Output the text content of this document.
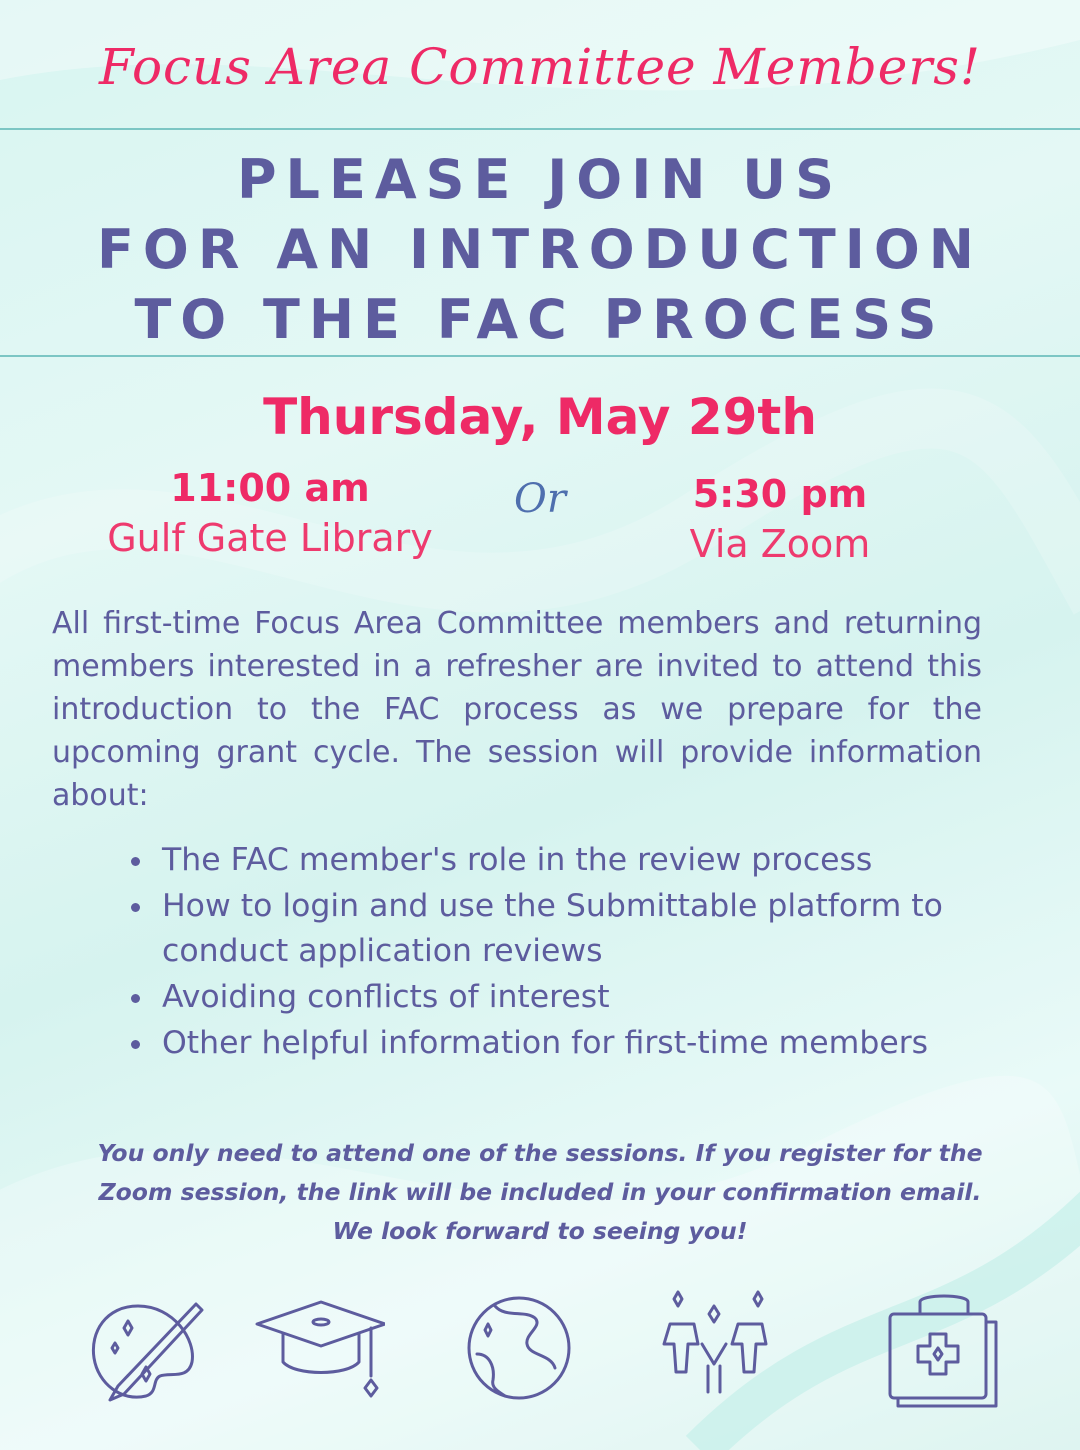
Focus Area Committee Members!
PLEASE JOIN US
FOR AN INTRODUCTION
TO THE FAC PROCESS
Thursday, May 29th
11:00 am
Gulf Gate Library
Or	5:30 pm
Via Zoom
All first-time Focus Area Committee members and returning members interested in a refresher are invited to attend this introduction to the FAC process as we prepare for the upcoming grant cycle. The session will provide information about:
The FAC member's role in the review process
How to login and use the Submittable platform to conduct application reviews
Avoiding conflicts of interest
Other helpful information for first-time members
You only need to attend one of the sessions. If you register for the
Zoom session, the link will be included in your confirmation email.
We look forward to seeing you!
